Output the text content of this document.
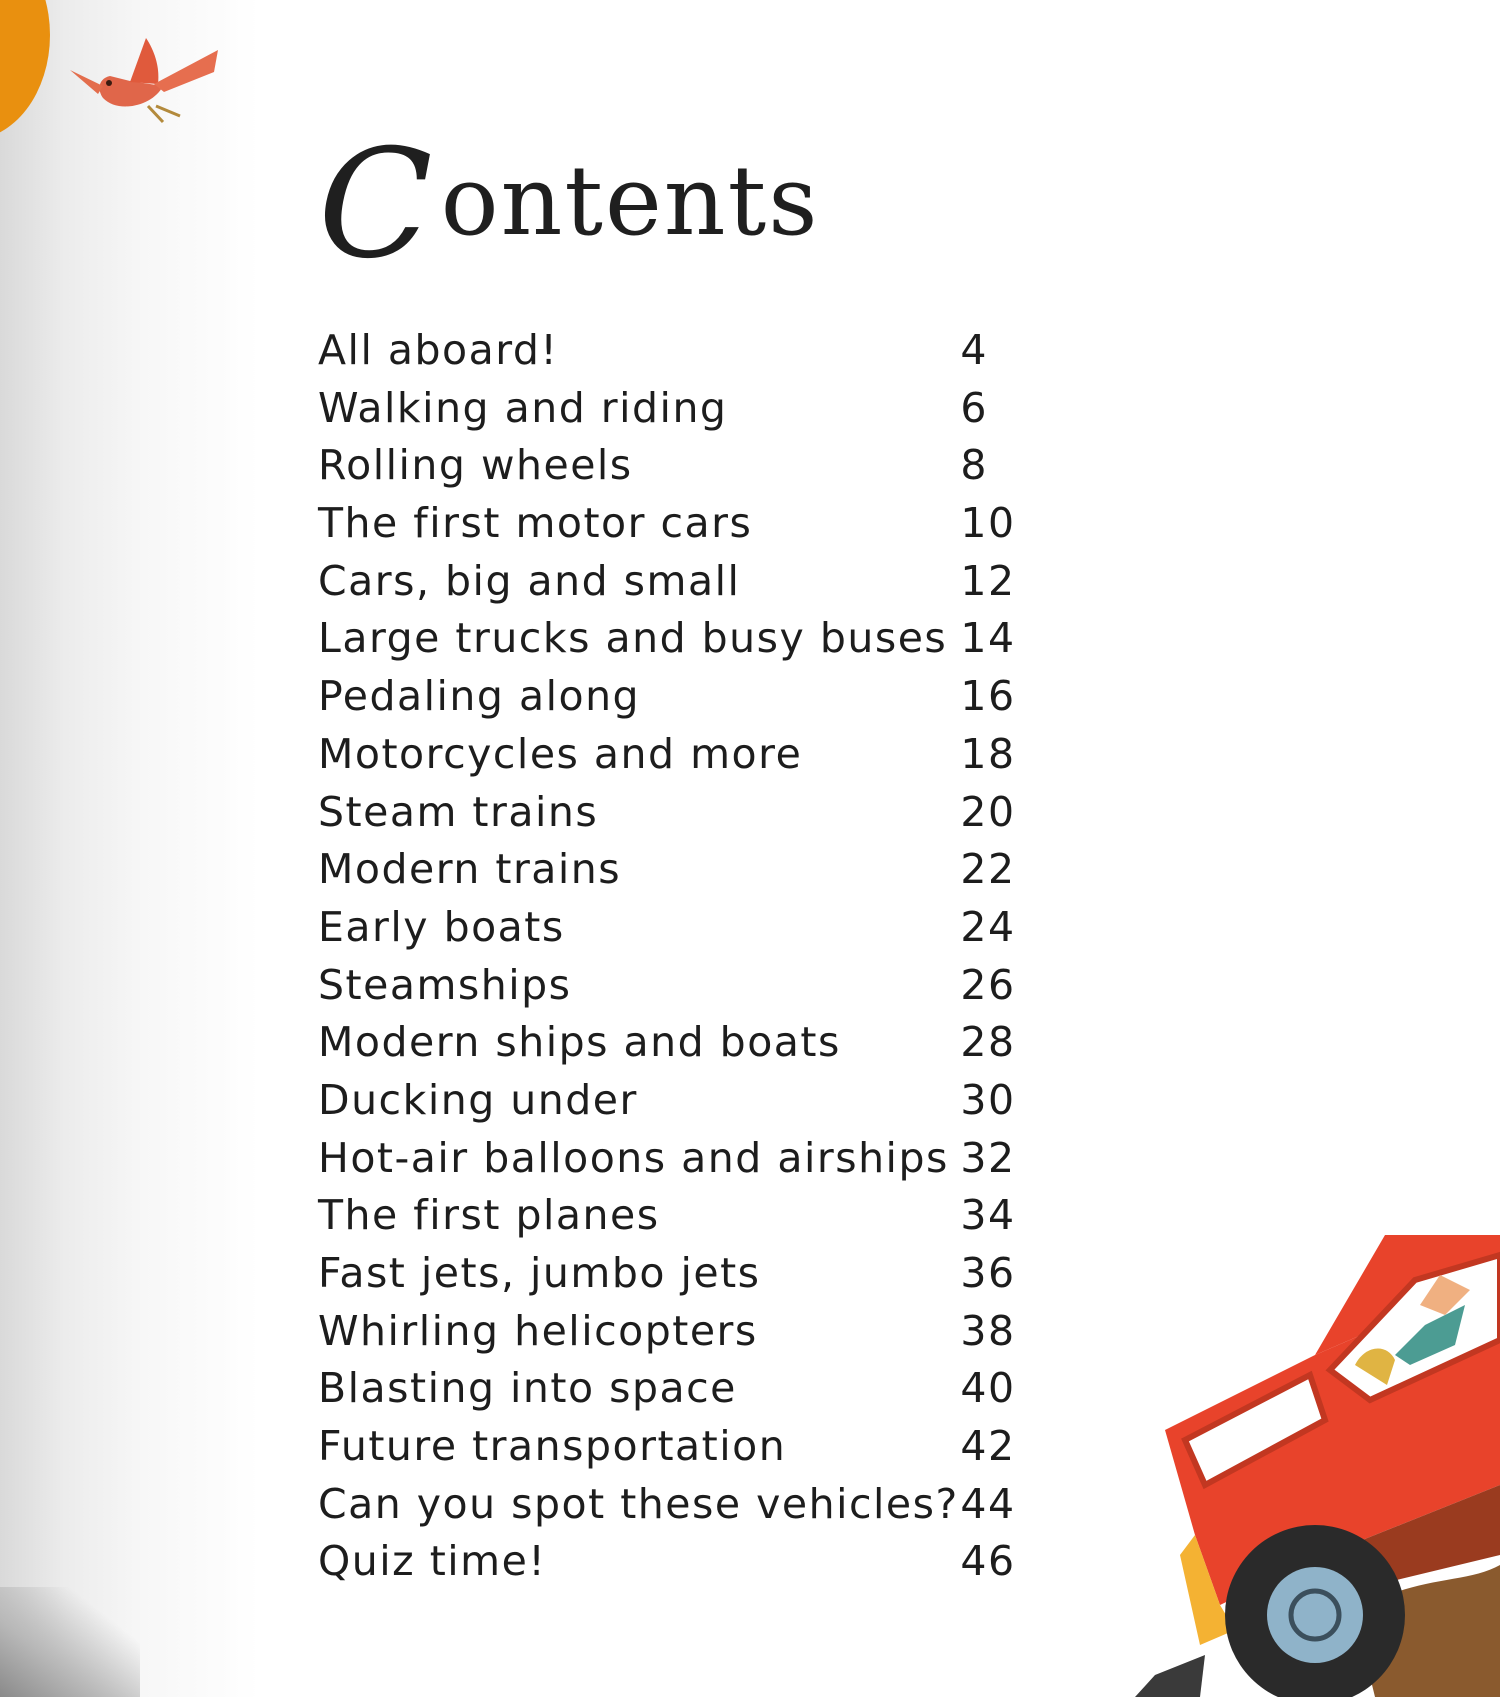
Contents
All aboard!	4
Walking and riding	6
Rolling wheels	8
The first motor cars	10
Cars, big and small	12
Large trucks and busy buses 14
Pedaling along	16
Motorcycles and more	18
Steam trains	20
Modern trains	22
Early boats	24
Steamships	26
Modern ships and boats	28
Ducking under	30
Hot-air balloons and airships 32
The first planes	34
Fast jets, jumbo jets	36
Whirling helicopters	38
Blasting into space	40
Future transportation	42
Can you spot these vehicles? 44
Quiz time!	46
